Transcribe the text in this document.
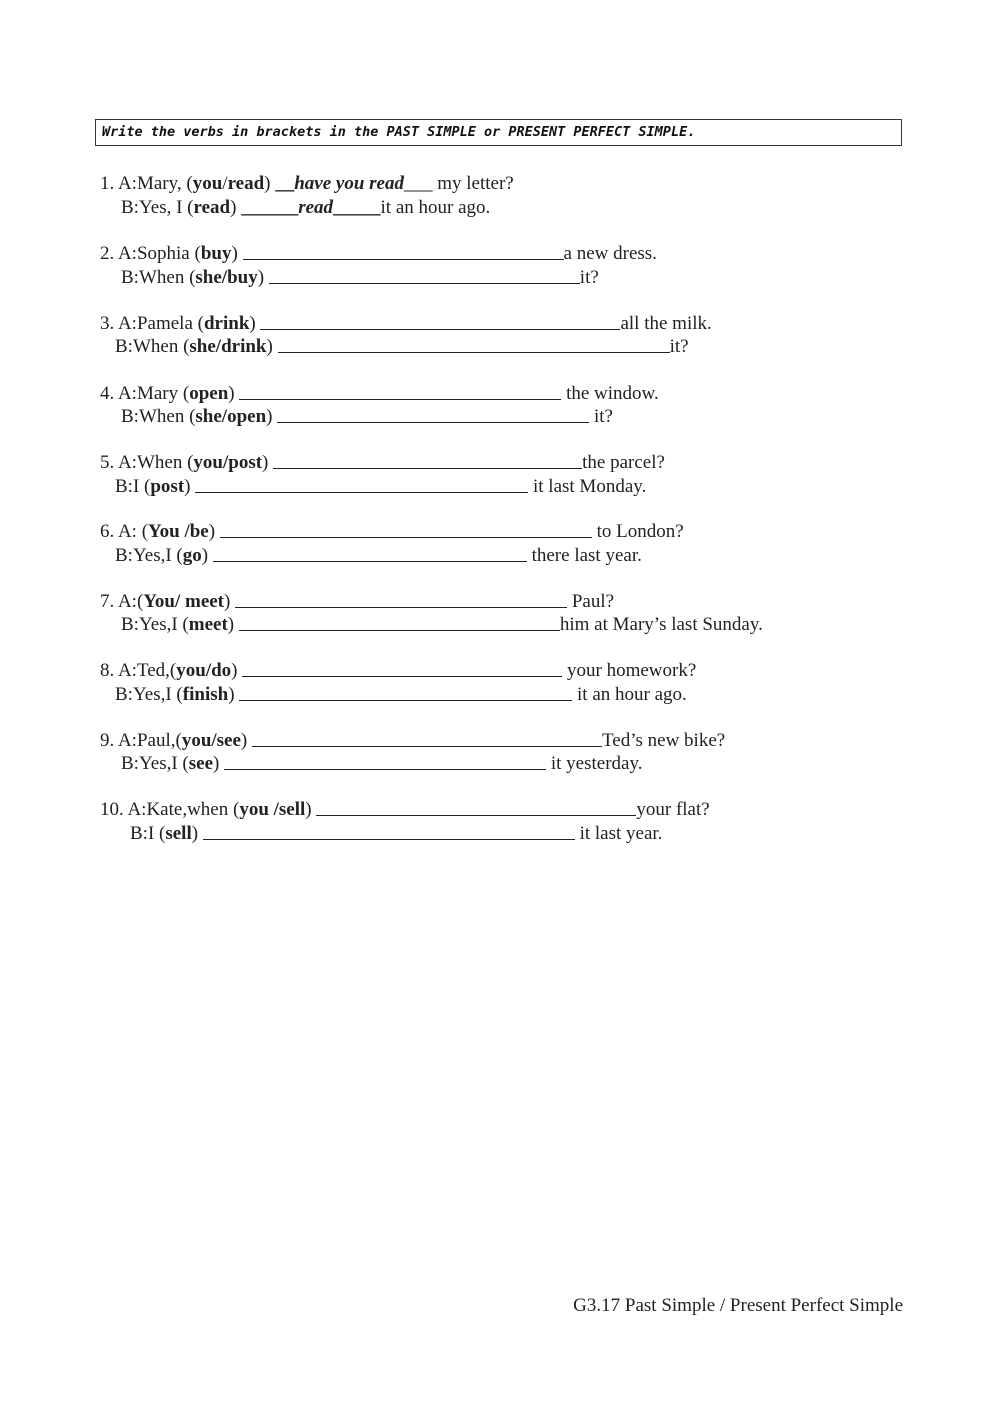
Write the verbs in brackets in the PAST SIMPLE or PRESENT PERFECT SIMPLE.
1. A:Mary, (you/read) __have you read___ my letter?
B:Yes, I (read) ______read_____it an hour ago.
2. A:Sophia (buy)	a new dress.
B:When (she/buy)	it?
3. A:Pamela (drink)	all the milk.
B:When (she/drink)	it?
4. A:Mary (open)	the window.
B:When (she/open)	it?
5. A:When (you/post)	the parcel?
B:I (post)	it last Monday.
6. A: (You /be)	to London?
B:Yes,I (go)	there last year.
7. A:(You/ meet)	Paul?
B:Yes,I (meet)	him at Mary’s last Sunday.
8. A:Ted,(you/do)	your homework?
B:Yes,I (finish)	it an hour ago.
9. A:Paul,(you/see)	Ted’s new bike?
B:Yes,I (see)	it yesterday.
10. A:Kate,when (you /sell)	your flat?
B:I (sell)	it last year.
G3.17 Past Simple / Present Perfect Simple
